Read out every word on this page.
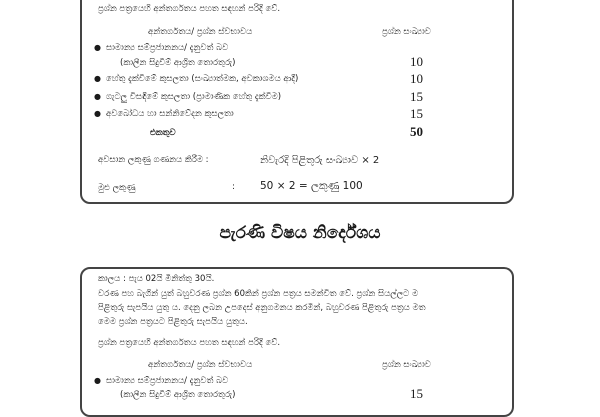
ප්‍රශ්න පත්‍රයෙහි අන්තර්ගතය පහත සඳහන් පරිදි වේ.
අන්තර්ගතය/ ප්‍රශ්න ස්වභාවය	ප්‍රශ්න සංඛ්‍යාව
● සාමාන්‍ය සම්ප්‍රජානනය/ දැනුවත් බව
(කාලීන සිදුවීම් ආශ්‍රිත තොරතුරු)	10
● හේතු දැක්වීමේ කුසලතා (සංඛ්‍යාත්මක, අවකාශමය ආදී)	10
● ගැටලු විසඳීමේ කුසලතා (ප්‍රාමාණික හේතු දැක්වීම)	15
● අවබෝධය හා සන්නිවේදන කුසලතා	15
එකතුව	50
අවසාන ලකුණු ගණනය කිරීම :	නිවැරදි පිළිතුරු සංඛ්‍යාව × 2
මුළු ලකුණු	: 50 × 2 = ලකුණු 100
පැරණි විෂය නිර්දේශය
කාලය : පැය 02යි මිනිත්තු 30යි.
වරණ පහ බැගින් යුත් බහුවරණ ප්‍රශ්න 60කින් ප්‍රශ්න පත්‍රය සමන්විත වේ. ප්‍රශ්න සියල්ලට ම
පිළිතුරු සැපයිය යුතු ය. දෙනු ලබන උපදෙස් අනුගමනය කරමින්, බහුවරණ පිළිතුරු පත්‍රය මත
මෙම ප්‍රශ්න පත්‍රයට පිළිතුරු සැපයිය යුතුය.
ප්‍රශ්න පත්‍රයෙහි අන්තර්ගතය පහත සඳහන් පරිදි වේ.
අන්තර්ගතය/ ප්‍රශ්න ස්වභාවය	ප්‍රශ්න සංඛ්‍යාව
● සාමාන්‍ය සම්ප්‍රජානනය/ දැනුවත් බව
(කාලීන සිදුවීම් ආශ්‍රිත තොරතුරු)	15
